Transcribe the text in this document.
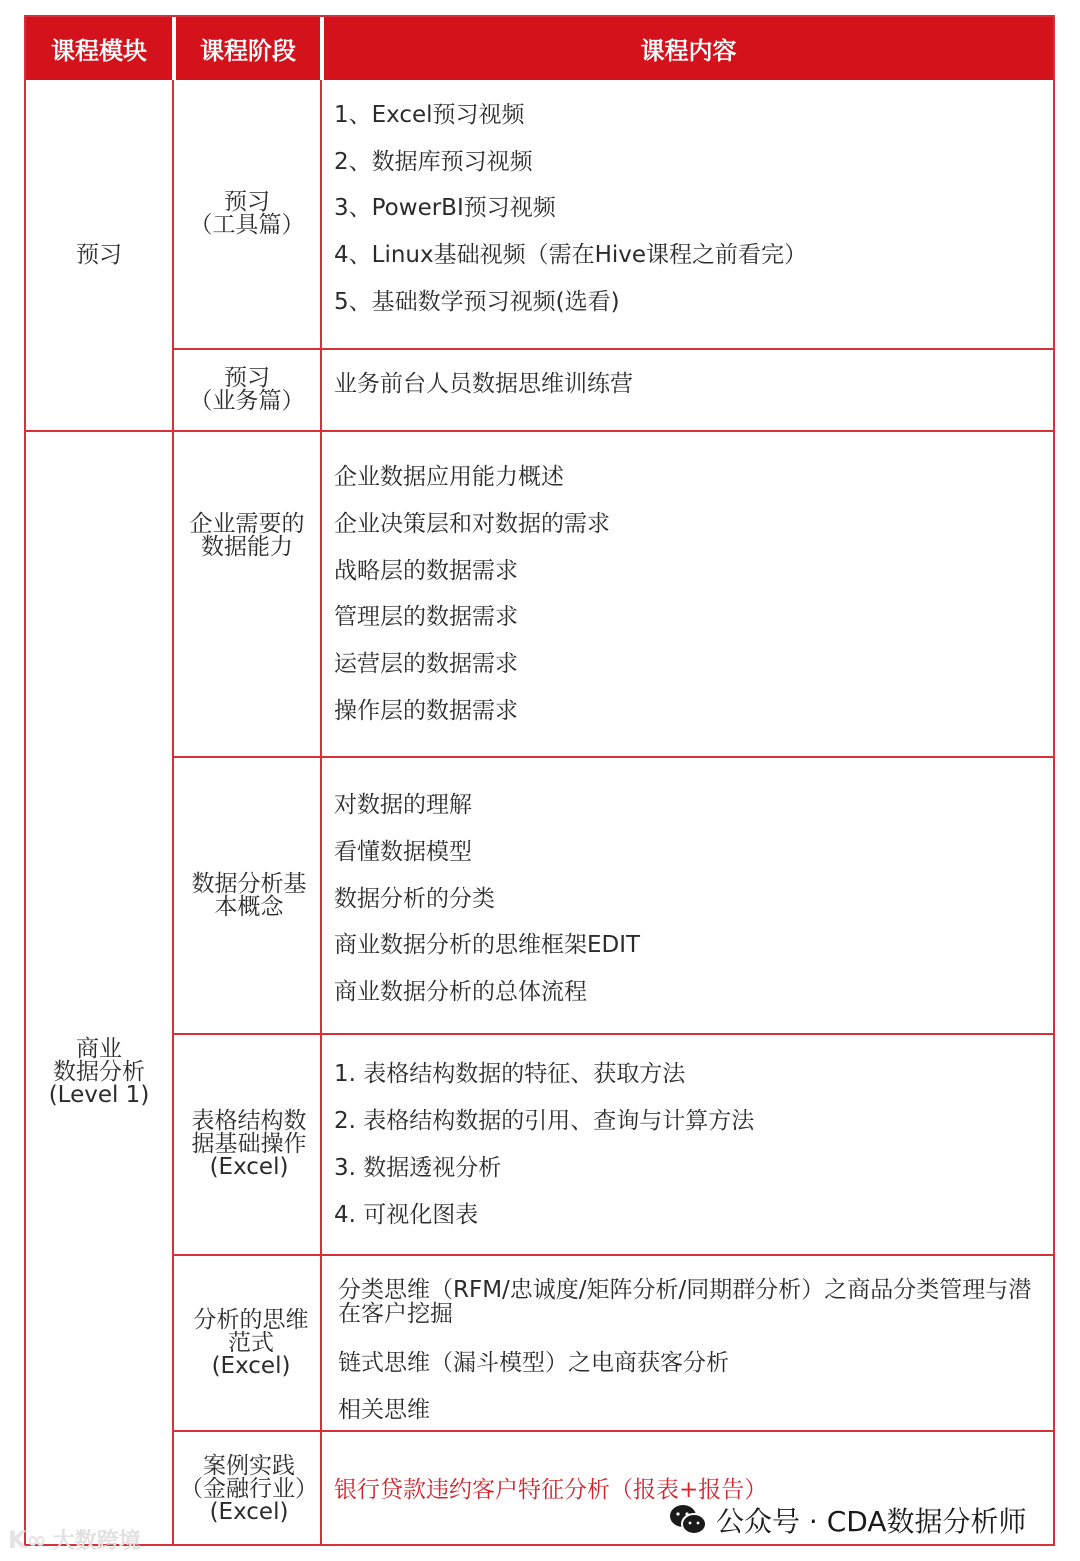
课程模块 课程阶段	课程内容
预习
预习
（工具篇）
1、Excel预习视频
2、数据库预习视频
3、PowerBI预习视频
4、Linux基础视频（需在Hive课程之前看完）
5、基础数学预习视频(选看)
预习
（业务篇）
业务前台人员数据思维训练营
商业
数据分析
(Level 1)
企业需要的
数据能力
企业数据应用能力概述
企业决策层和对数据的需求
战略层的数据需求
管理层的数据需求
运营层的数据需求
操作层的数据需求
数据分析基
本概念
对数据的理解
看懂数据模型
数据分析的分类
商业数据分析的思维框架EDIT
商业数据分析的总体流程
表格结构数
据基础操作
(Excel)
1. 表格结构数据的特征、获取方法
2. 表格结构数据的引用、查询与计算方法
3. 数据透视分析
4. 可视化图表
分析的思维
范式
(Excel)
分类思维（RFM/忠诚度/矩阵分析/同期群分析）之商品分类管理与潜在客户挖掘
链式思维（漏斗模型）之电商获客分析
相关思维
案例实践
（金融行业）
(Excel)
银行贷款违约客户特征分析（报表+报告）
K∞ 大数跨境
公众号 · CDA数据分析师
